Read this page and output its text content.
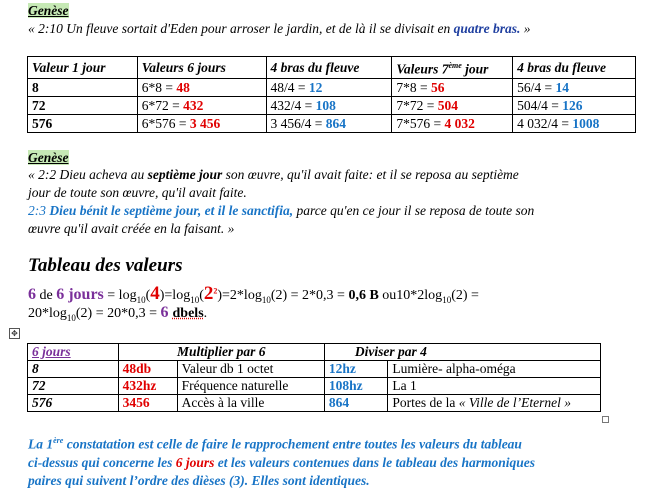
Genèse
« 2:10 Un fleuve sortait d'Eden pour arroser le jardin, et de là il se divisait en quatre bras. »
Valeur 1 jour	Valeurs 6 jours	4 bras du fleuve	Valeurs 7ème jour	4 bras du fleuve
8	6*8 = 48	48/4 = 12	7*8 = 56	56/4 = 14
72	6*72 = 432	432/4 = 108	7*72 = 504	504/4 = 126
576	6*576 = 3 456	3 456/4 = 864	7*576 = 4 032	4 032/4 = 1008
Genèse
« 2:2 Dieu acheva au septième jour son œuvre, qu'il avait faite: et il se reposa au septième
jour de toute son œuvre, qu'il avait faite.
2:3 Dieu bénit le septième jour, et il le sanctifia, parce qu'en ce jour il se reposa de toute son
œuvre qu'il avait créée en la faisant. »
Tableau des valeurs
6 de 6 jours = $\log_{10}(4)=\log_{10}(2^2)=2*\log_{10}(2) = 2*0,3 = 0,6$ B $ou10*2\log_{10}(2)$ =
$20*\log_{10}(2) = 20*0,3 = 6$ dbels.
✥
6 jours	Multiplier par 6		Diviser par 4	
8	48db	Valeur db 1 octet	12hz	Lumière- alpha-oméga
72	432hz	Fréquence naturelle	108hz	La 1
576	3456	Accès à la ville	864	Portes de la « Ville de l’Eternel »
La 1ère constatation est celle de faire le rapprochement entre toutes les valeurs du tableau
ci-dessus qui concerne les 6 jours et les valeurs contenues dans le tableau des harmoniques
paires qui suivent l’ordre des dièses (3). Elles sont identiques.
